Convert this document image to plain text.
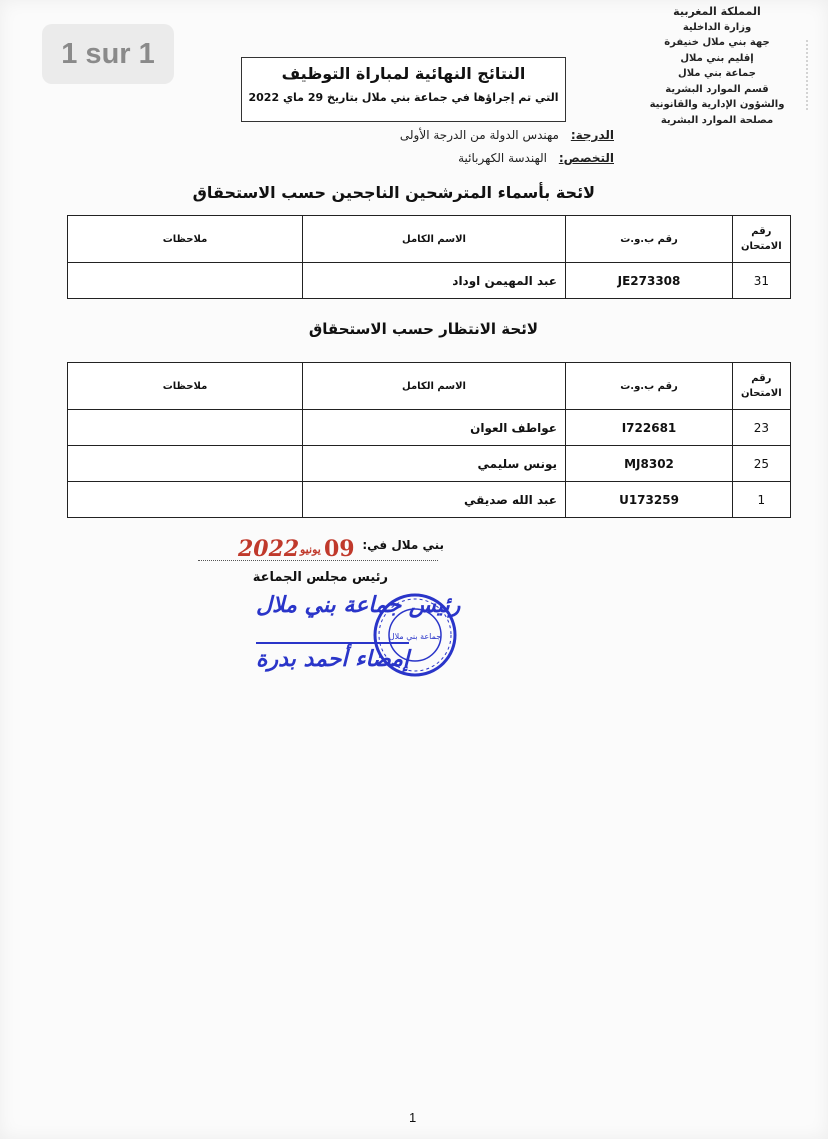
1 sur 1
المملكة المغربية
وزارة الداخلية
جهة بني ملال خنيفرة
إقليم بني ملال
جماعة بني ملال
قسم الموارد البشرية
والشؤون الإدارية والقانونية
مصلحة الموارد البشرية
النتائج النهائية لمباراة التوظيف
التي تم إجراؤها في جماعة بني ملال بتاريخ 29 ماي 2022
الدرجة: مهندس الدولة من الدرجة الأولى
التخصص: الهندسة الكهربائية
لائحة بأسماء المترشحين الناجحين حسب الاستحقاق
رقم الامتحان	رقم ب.و.ت	الاسم الكامل	ملاحظات
31	JE273308	عبد المهيمن اوداد	
لائحة الانتظار حسب الاستحقاق
رقم الامتحان	رقم ب.و.ت	الاسم الكامل	ملاحظات
23	I722681	عواطف العوان	
25	MJ8302	يونس سليمي	
1	U173259	عبد الله صديقي	
بني ملال في:
2022 يونيو 09
رئيس مجلس الجماعة
رئيس جماعة بني ملال
إمضاء أحمد بدرة
جماعة بني ملال
1
